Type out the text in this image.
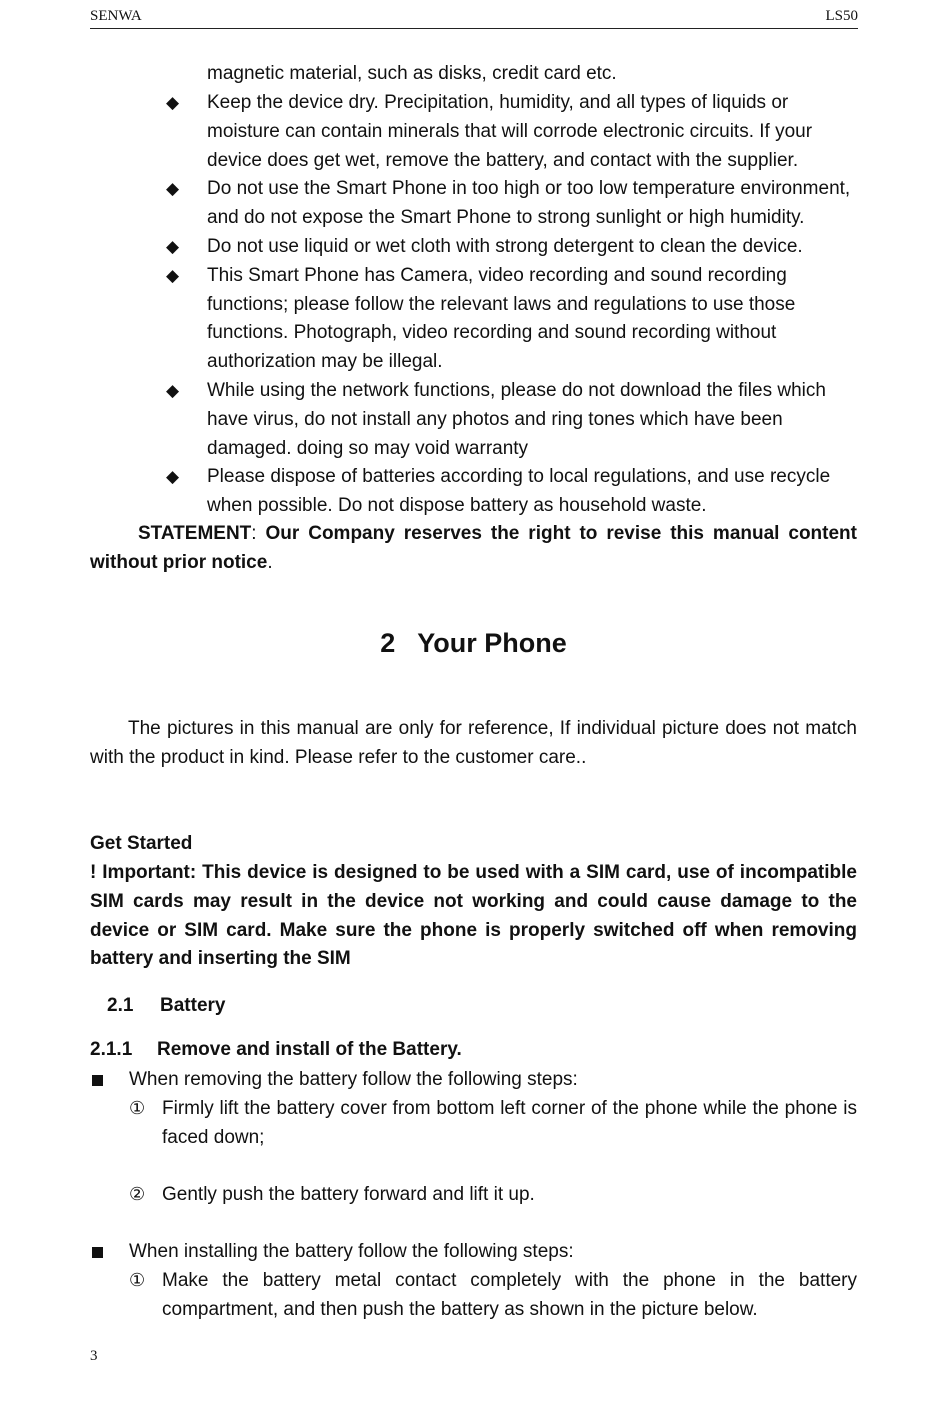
SENWA	LS50
magnetic material, such as disks, credit card etc.
◆	Keep the device dry. Precipitation, humidity, and all types of liquids or moisture can contain minerals that will corrode electronic circuits. If your device does get wet, remove the battery, and contact with the supplier.
◆	Do not use the Smart Phone in too high or too low temperature environment, and do not expose the Smart Phone to strong sunlight or high humidity.
◆	Do not use liquid or wet cloth with strong detergent to clean the device.
◆	This Smart Phone has Camera, video recording and sound recording functions; please follow the relevant laws and regulations to use those functions. Photograph, video recording and sound recording without authorization may be illegal.
◆	While using the network functions, please do not download the files which have virus, do not install any photos and ring tones which have been damaged. doing so may void warranty
◆	Please dispose of batteries according to local regulations, and use recycle when possible. Do not dispose battery as household waste.
STATEMENT: Our Company reserves the right to revise this manual content without prior notice.
2 Your Phone
The pictures in this manual are only for reference, If individual picture does not match with the product in kind. Please refer to the customer care..
Get Started
! Important: This device is designed to be used with a SIM card, use of incompatible SIM cards may result in the device not working and could cause damage to the device or SIM card. Make sure the phone is properly switched off when removing battery and inserting the SIM
2.1 Battery
2.1.1 Remove and install of the Battery.
When removing the battery follow the following steps:
① Firmly lift the battery cover from bottom left corner of the phone while the phone is faced down;
② Gently push the battery forward and lift it up.
When installing the battery follow the following steps:
① Make the battery metal contact completely with the phone in the battery compartment, and then push the battery as shown in the picture below.
3
